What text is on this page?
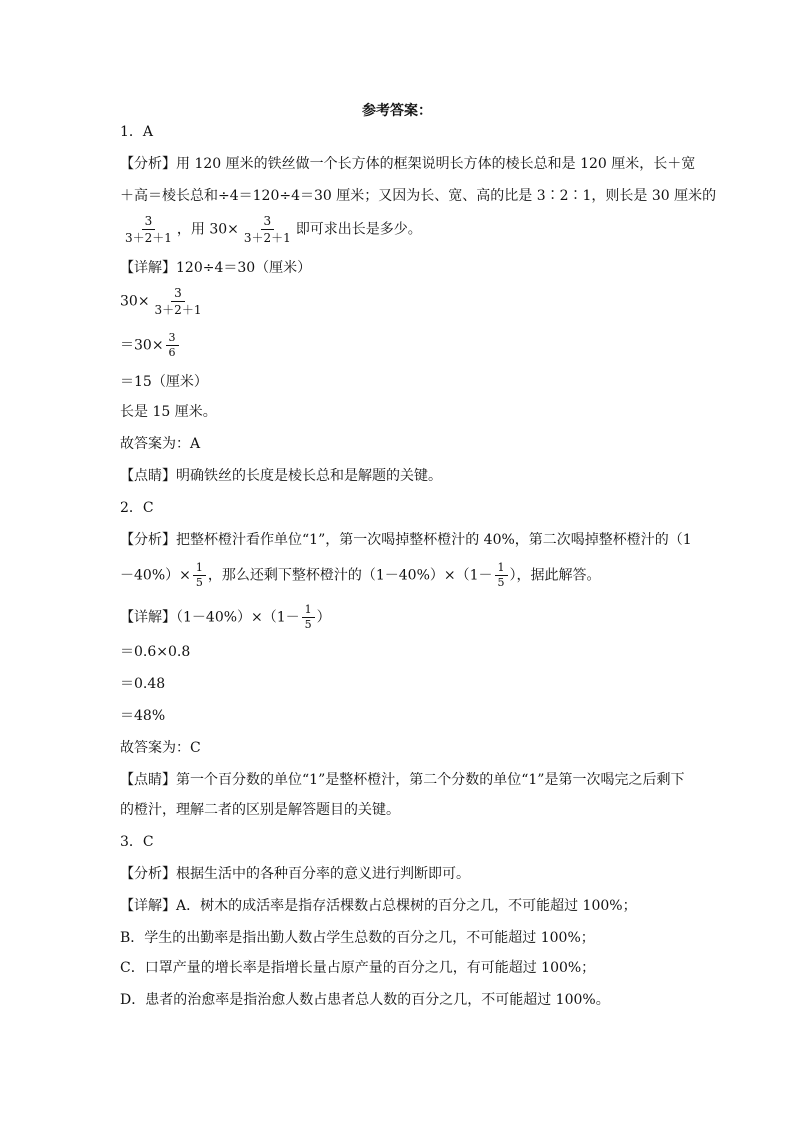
参考答案：
1．A
【分析】用 120 厘米的铁丝做一个长方体的框架说明长方体的棱长总和是 120 厘米，长＋宽
＋高＝棱长总和÷4＝120÷4＝30 厘米；又因为长、宽、高的比是 3∶2∶1，则长是 30 厘米的
$\frac{3}{3+2+1}$ ，用 $30\times \frac{3}{3+2+1}$ 即可求出长是多少。
【详解】120÷4＝30（厘米）
$30\times \frac{3}{3+2+1}$
$=30\times \frac{3}{6}$
＝15（厘米）
长是 15 厘米。
故答案为：A
【点睛】明确铁丝的长度是棱长总和是解题的关键。
2．C
【分析】把整杯橙汁看作单位“1”，第一次喝掉整杯橙汁的 40%，第二次喝掉整杯橙汁的（1
$-40\%)\times \frac{1}{5}$ ，那么还剩下整杯橙汁的$(1-40\%)\times(1- \frac{1}{5}$ ），据此解答。
【详解】$(1-40\%)\times(1- \frac{1}{5}$ ）
＝0.6×0.8
＝0.48
＝48%
故答案为：C
【点睛】第一个百分数的单位“1”是整杯橙汁，第二个分数的单位“1”是第一次喝完之后剩下
的橙汁，理解二者的区别是解答题目的关键。
3．C
【分析】根据生活中的各种百分率的意义进行判断即可。
【详解】A．树木的成活率是指存活棵数占总棵树的百分之几，不可能超过 100%；
B．学生的出勤率是指出勤人数占学生总数的百分之几，不可能超过 100%；
C．口罩产量的增长率是指增长量占原产量的百分之几，有可能超过 100%；
D．患者的治愈率是指治愈人数占患者总人数的百分之几，不可能超过 100%。
